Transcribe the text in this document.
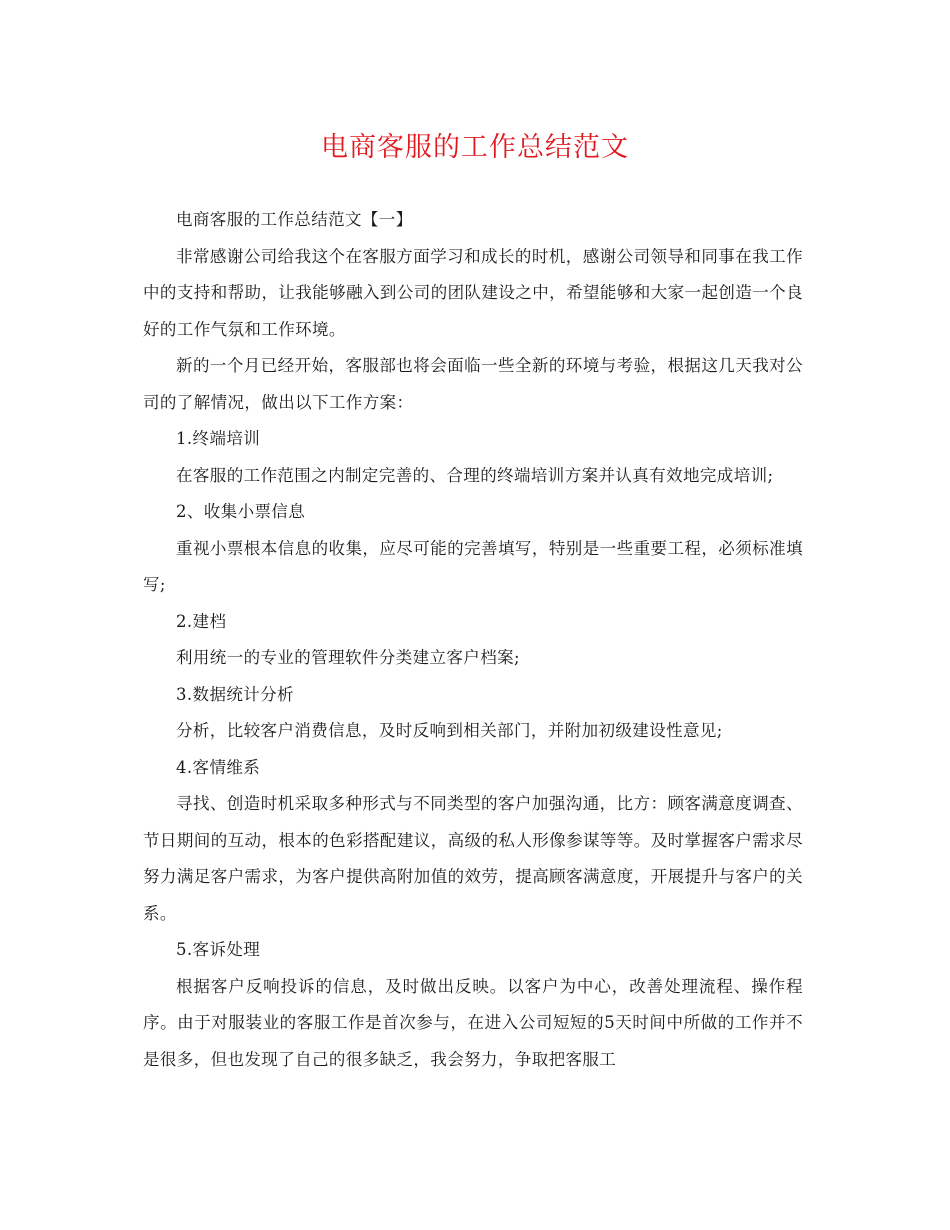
电商客服的工作总结范文

电商客服的工作总结范文【一】

非常感谢公司给我这个在客服方面学习和成长的时机，感谢公司领导和同事在我工作中的支持和帮助，让我能够融入到公司的团队建设之中，希望能够和大家一起创造一个良好的工作气氛和工作环境。

新的一个月已经开始，客服部也将会面临一些全新的环境与考验，根据这几天我对公司的了解情况，做出以下工作方案：

1.终端培训

在客服的工作范围之内制定完善的、合理的终端培训方案并认真有效地完成培训;

2、收集小票信息

重视小票根本信息的收集，应尽可能的完善填写，特别是一些重要工程，必须标准填写;

2.建档

利用统一的专业的管理软件分类建立客户档案;

3.数据统计分析

分析，比较客户消费信息，及时反响到相关部门，并附加初级建设性意见;

4.客情维系

寻找、创造时机采取多种形式与不同类型的客户加强沟通，比方：顾客满意度调查、节日期间的互动，根本的色彩搭配建议，高级的私人形像参谋等等。及时掌握客户需求尽努力满足客户需求，为客户提供高附加值的效劳，提高顾客满意度，开展提升与客户的关系。

5.客诉处理

根据客户反响投诉的信息，及时做出反映。以客户为中心，改善处理流程、操作程序。由于对服装业的客服工作是首次参与，在进入公司短短的5天时间中所做的工作并不是很多，但也发现了自己的很多缺乏，我会努力，争取把客服工
